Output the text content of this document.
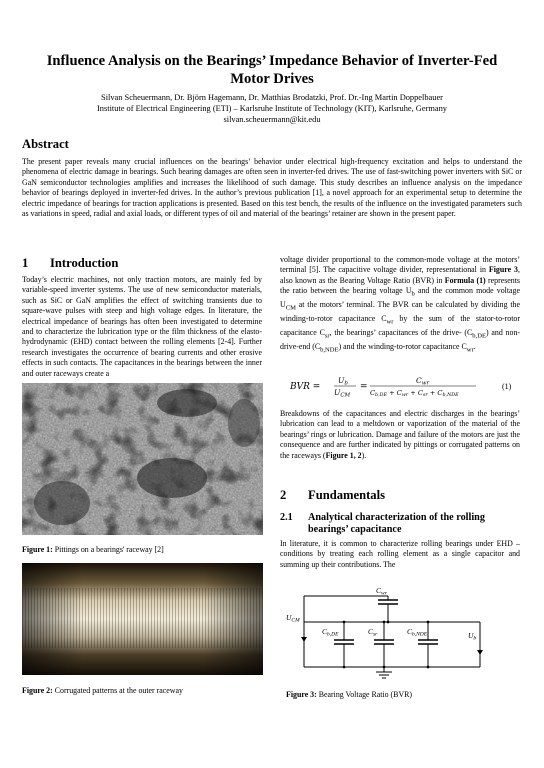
Influence Analysis on the Bearings’ Impedance Behavior of Inverter-Fed Motor Drives
Silvan Scheuermann, Dr. Björn Hagemann, Dr. Matthias Brodatzki, Prof. Dr.-Ing Martin Doppelbauer
Institute of Electrical Engineering (ETI) – Karlsruhe Institute of Technology (KIT), Karlsruhe, Germany
silvan.scheuermann@kit.edu
Abstract
The present paper reveals many crucial influences on the bearings’ behavior under electrical high-frequency excitation and helps to understand the phenomena of electric damage in bearings. Such bearing damages are often seen in inverter-fed drives. The use of fast-switching power inverters with SiC or GaN semiconductor technologies amplifies and increases the likelihood of such damage. This study describes an influence analysis on the impedance behavior of bearings deployed in inverter-fed drives. In the author’s previous publication [1], a novel approach for an experimental setup to determine the electric impedance of bearings for traction applications is presented. Based on this test bench, the results of the influence on the investigated parameters such as variations in speed, radial and axial loads, or different types of oil and material of the bearings’ retainer are shown in the present paper.
1 Introduction
Today’s electric machines, not only traction motors, are mainly fed by variable-speed inverter systems. The use of new semiconductor materials, such as SiC or GaN amplifies the effect of switching transients due to square-wave pulses with steep and high voltage edges. In literature, the electrical impedance of bearings has often been investigated to determine and to characterize the lubrication type or the film thickness of the elasto-hydrodynamic (EHD) contact between the rolling elements [2-4]. Further research investigates the occurrence of bearing currents and other erosive effects in such contacts. The capacitances in the bearings between the inner and outer raceways create a
Figure 1: Pittings on a bearings' raceway [2]
Figure 2: Corrugated patterns at the outer raceway
voltage divider proportional to the common-mode voltage at the motors’ terminal [5]. The capacitive voltage divider, representational in Figure 3, also known as the Bearing Voltage Ratio (BVR) in Formula (1) represents the ratio between the bearing voltage $U_b$ and the common mode voltage $U_{CM}$ at the motors’ terminal. The BVR can be calculated by dividing the winding-to-rotor capacitance $C_{wr}$ by the sum of the stator-to-rotor capacitance $C_{sr}$, the bearings’ capacitances of the drive- $(C_{b,DE})$ and non-drive-end $(C_{b,NDE})$ and the winding-to-rotor capacitance $C_{wr}$.
BVR =
$U_b$
$U_{CM}$
=
$C_{wr}$
Cb,DE + Cwr + Csr + Cb,NDE
(1)
Breakdowns of the capacitances and electric discharges in the bearings’ lubrication can lead to a meltdown or vaporization of the material of the bearings’ rings or lubrication. Damage and failure of the motors are just the consequence and are further indicated by pittings or corrugated patterns on the raceways (Figure 1, 2).
2 Fundamentals
2.1 Analytical characterization of the rolling bearings’ capacitance
In literature, it is common to characterize rolling bearings under EHD – conditions by treating each rolling element as a single capacitor and summing up their contributions. The
$C_{wr}$
$U_{CM}$
$C_{b,DE}$	$C_{sr}$	$C_{b,NDE}$	$U_b$
Figure 3: Bearing Voltage Ratio (BVR)
